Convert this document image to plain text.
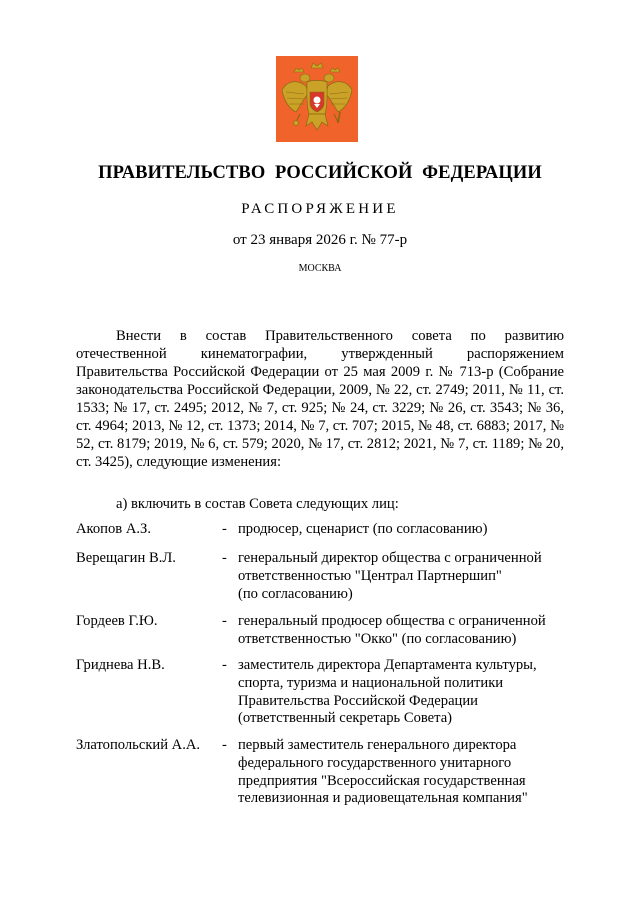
ПРАВИТЕЛЬСТВО РОССИЙСКОЙ ФЕДЕРАЦИИ
РАСПОРЯЖЕНИЕ
от 23 января 2026 г. № 77-р
МОСКВА

Внести в состав Правительственного совета по развитию отечественной кинематографии, утвержденный распоряжением Правительства Российской Федерации от 25 мая 2009 г. № 713-р (Собрание законодательства Российской Федерации, 2009, № 22, ст. 2749; 2011, № 11, ст. 1533; № 17, ст. 2495; 2012, № 7, ст. 925; № 24, ст. 3229; № 26, ст. 3543; № 36, ст. 4964; 2013, № 12, ст. 1373; 2014, № 7, ст. 707; 2015, № 48, ст. 6883; 2017, № 52, ст. 8179; 2019, № 6, ст. 579; 2020, № 17, ст. 2812; 2021, № 7, ст. 1189; № 20, ст. 3425), следующие изменения:

а) включить в состав Совета следующих лиц:
Акопов А.З.	- продюсер, сценарист (по согласованию)
Верещагин В.Л.	- генеральный директор общества с ограниченной
ответственностью "Централ Партнершип"
(по согласованию)
Гордеев Г.Ю.	- генеральный продюсер общества с ограниченной
ответственностью "Окко" (по согласованию)
Гриднева Н.В.	- заместитель директора Департамента культуры,
спорта, туризма и национальной политики
Правительства Российской Федерации
(ответственный секретарь Совета)
Златопольский А.А. - первый заместитель генерального директора
федерального государственного унитарного
предприятия "Всероссийская государственная
телевизионная и радиовещательная компания"
